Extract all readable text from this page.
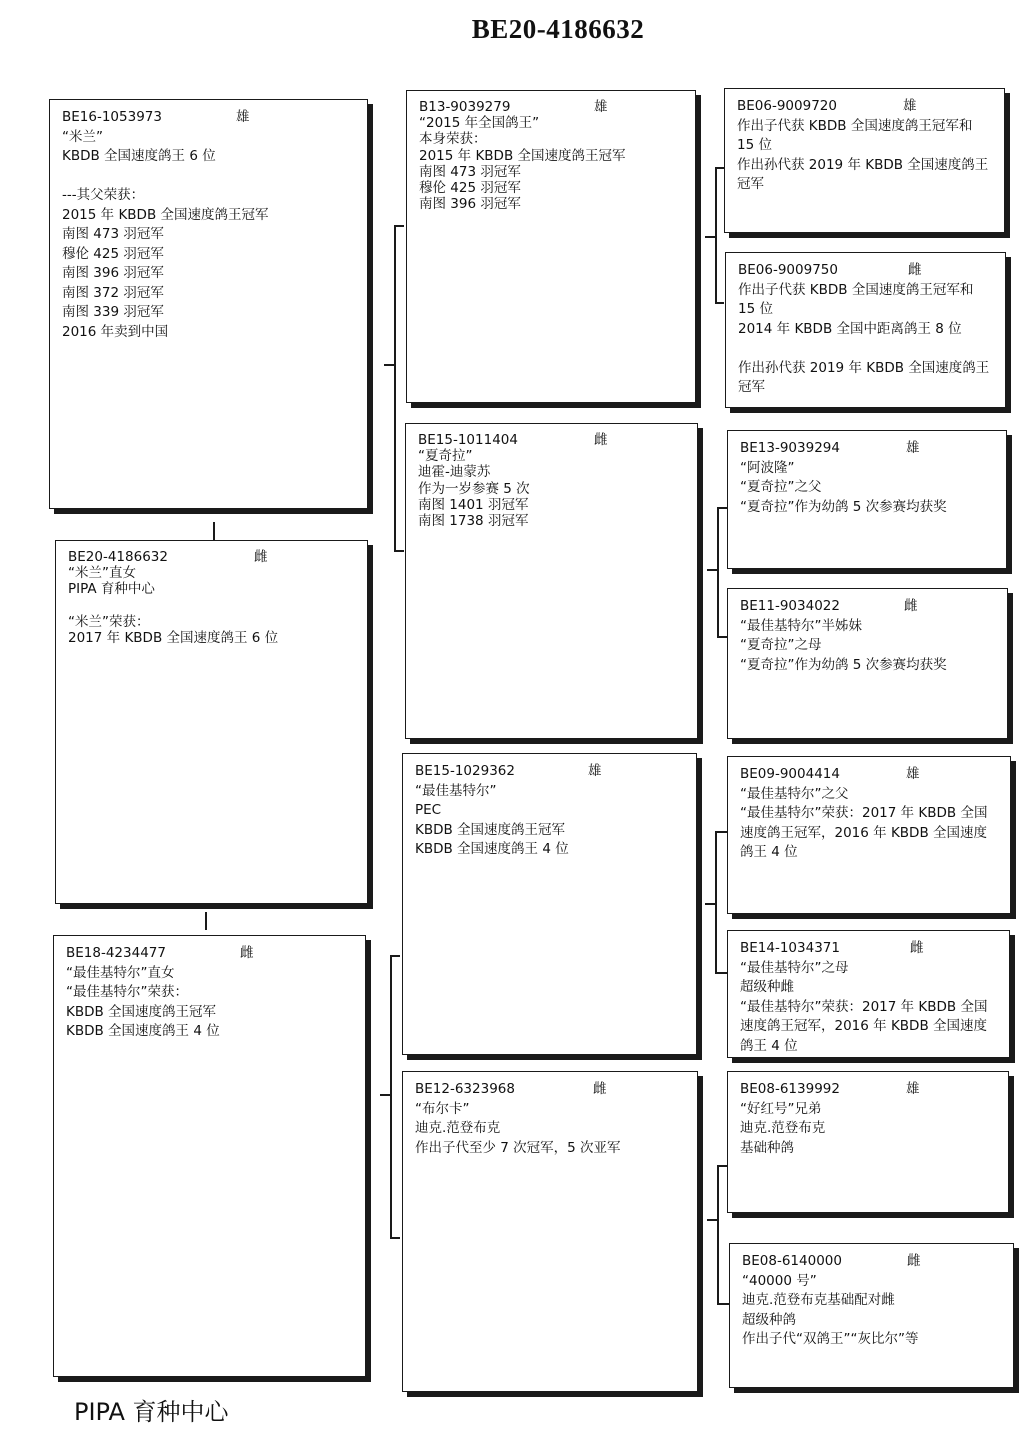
BE20-4186632
BE16-1053973	雄
“米兰”
KBDB 全国速度鸽王 6 位
---其父荣获：
2015 年 KBDB 全国速度鸽王冠军
南图 473 羽冠军
穆伦 425 羽冠军
南图 396 羽冠军
南图 372 羽冠军
南图 339 羽冠军
2016 年卖到中国
BE20-4186632	雌
“米兰”直女
PIPA 育种中心
“米兰”荣获：
2017 年 KBDB 全国速度鸽王 6 位
BE18-4234477	雌
“最佳基特尔”直女
“最佳基特尔”荣获：
KBDB 全国速度鸽王冠军
KBDB 全国速度鸽王 4 位
B13-9039279	雄
“2015 年全国鸽王”
本身荣获：
2015 年 KBDB 全国速度鸽王冠军
南图 473 羽冠军
穆伦 425 羽冠军
南图 396 羽冠军
BE15-1011404	雌
“夏奇拉”
迪霍-迪蒙苏
作为一岁参赛 5 次
南图 1401 羽冠军
南图 1738 羽冠军
BE15-1029362	雄
“最佳基特尔”
PEC
KBDB 全国速度鸽王冠军
KBDB 全国速度鸽王 4 位
BE12-6323968	雌
“布尔卡”
迪克.范登布克
作出子代至少 7 次冠军，5 次亚军
BE06-9009720	雄
作出子代获 KBDB 全国速度鸽王冠军和
15 位
作出孙代获 2019 年 KBDB 全国速度鸽王
冠军
BE06-9009750	雌
作出子代获 KBDB 全国速度鸽王冠军和
15 位
2014 年 KBDB 全国中距离鸽王 8 位
作出孙代获 2019 年 KBDB 全国速度鸽王
冠军
BE13-9039294	雄
“阿波隆”
“夏奇拉”之父
“夏奇拉”作为幼鸽 5 次参赛均获奖
BE11-9034022	雌
“最佳基特尔”半姊妹
“夏奇拉”之母
“夏奇拉”作为幼鸽 5 次参赛均获奖
BE09-9004414	雄
“最佳基特尔”之父
“最佳基特尔”荣获：2017 年 KBDB 全国
速度鸽王冠军，2016 年 KBDB 全国速度
鸽王 4 位
BE14-1034371	雌
“最佳基特尔”之母
超级种雌
“最佳基特尔”荣获：2017 年 KBDB 全国
速度鸽王冠军，2016 年 KBDB 全国速度
鸽王 4 位
BE08-6139992	雄
“好红号”兄弟
迪克.范登布克
基础种鸽
BE08-6140000	雌
“40000 号”
迪克.范登布克基础配对雌
超级种鸽
作出子代“双鸽王”“灰比尔”等
PIPA 育种中心
